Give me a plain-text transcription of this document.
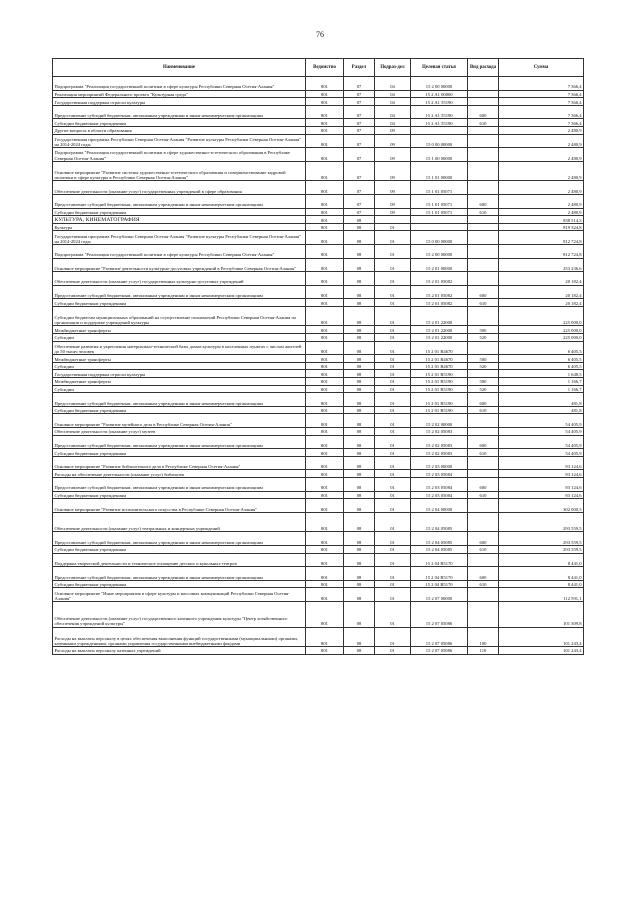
76
Наименование	Ведомство	Раздел	Подраз-дел	Целевая статья	Вид расхода	Сумма
Подпрограмма "Реализация государственной политики в сфере культуры Республики Северная Осетия-Алания"	801	07	04	15 2 00 00000		7 366,4
Реализация мероприятий Федерального проекта "Культурная среда"	801	07	04	15 2 A1 00000		7 366,4
Государственная поддержка отрасли культуры	801	07	04	15 2 A1 55190		7 366,4
Предоставление субсидий бюджетным, автономным учреждениям и иным некоммерческим организациям	801	07	04	15 2 A1 55190	600	7 366,4
Субсидии бюджетным учреждениям	801	07	04	15 2 A1 55190	610	7 366,4
Другие вопросы в области образования	801	07	09			2 480,9
Государственная программа Республики Северная Осетия-Алания "Развитие культуры Республики Северная Осетия-Алания" на 2014-2024 годы	801	07	09	15 0 00 00000		2 480,9
Подпрограмма "Реализация государственной политики в сфере художественно-эстетического образования в Республике Северная Осетия-Алания"	801	07	09	15 1 00 00000		2 480,9
Основное мероприятие "Развитие системы художественно-эстетического образования и совершенствование кадровой политики в сфере культуры в Республике Северная Осетия-Алания"	801	07	09	15 1 01 00000		2 480,9
Обеспечение деятельности (оказание услуг) государственных учреждений в сфере образования	801	07	09	15 1 01 05071		2 480,9
Предоставление субсидий бюджетным, автономным учреждениям и иным некоммерческим организациям	801	07	09	15 1 01 05071	600	2 480,9
Субсидии бюджетным учреждениям	801	07	09	15 1 01 05071	610	2 480,9
КУЛЬТУРА, КИНЕМАТОГРАФИЯ	801	08				838 514,3
Культура	801	08	01			819 324,8
Государственная программа Республики Северная Осетия-Алания "Развитие культуры Республики Северная Осетия-Алания" на 2014-2024 годы	801	08	01	15 0 00 00000		812 724,8
Подпрограмма "Реализация государственной политики в сфере культуры Республики Северная Осетия-Алания"	801	08	01	15 2 00 00000		812 724,8
Основное мероприятие "Развитие деятельности культурно-досуговых учреждений в Республике Северная Осетия-Алания"	801	08	01	15 2 01 00000		253 236,6
Обеспечение деятельности (оказание услуг) государственных культурно-досуговых учреждений	801	08	01	15 2 01 05082		20 182,4
Предоставление субсидий бюджетным, автономным учреждениям и иным некоммерческим организациям	801	08	01	15 2 01 05082	600	20 182,4
Субсидии бюджетным учреждениям	801	08	01	15 2 01 05082	610	20 182,4
Субсидии бюджетам муниципальных образований на осуществление полномочий Республики Северная Осетия-Алания по организации и поддержке учреждений культуры	801	08	01	15 2 01 22000		225 000,0
Межбюджетные трансферты	801	08	01	15 2 01 22000	500	225 000,0
Субсидии	801	08	01	15 2 01 22000	520	225 000,0
Обеспечение развития и укрепления материально-технической базы домов культуры в населенных пунктах с числом жителей до 50 тысяч человек	801	08	01	15 2 01 R4670		6 405,5
Межбюджетные трансферты	801	08	01	15 2 01 R4670	500	6 405,5
Субсидии	801	08	01	15 2 01 R4670	520	6 405,5
Государственная поддержка отрасли культуры	801	08	01	15 2 01 R5190		1 648,5
Межбюджетные трансферты	801	08	01	15 2 01 R5190	500	1 166,7
Субсидии	801	08	01	15 2 01 R5190	520	1 166,7
Предоставление субсидий бюджетным, автономным учреждениям и иным некоммерческим организациям	801	08	01	15 2 01 R5190	600	481,8
Субсидии бюджетным учреждениям	801	08	01	15 2 01 R5190	610	481,8
Основное мероприятие "Развитие музейного дела в Республике Северная Осетия-Алания"	801	08	01	15 2 02 00000		54 405,9
Обеспечение деятельности (оказание услуг) музеев	801	08	01	15 2 02 05083		54 405,9
Предоставление субсидий бюджетным, автономным учреждениям и иным некоммерческим организациям	801	08	01	15 2 02 05083	600	54 405,9
Субсидии бюджетным учреждениям	801	08	01	15 2 02 05083	610	54 405,9
Основное мероприятие "Развитие библиотечного дела в Республике Северная Осетия-Алания"	801	08	01	15 2 03 00000		83 124,6
Расходы на обеспечение деятельности (оказание услуг) библиотек	801	08	01	15 2 03 05084		83 124,6
Предоставление субсидий бюджетным, автономным учреждениям и иным некоммерческим организациям	801	08	01	15 2 03 05084	600	83 124,6
Субсидии бюджетным учреждениям	801	08	01	15 2 03 05084	610	83 124,6
Основное мероприятие "Развитие исполнительского искусства в Республике Северная Осетия-Алания"	801	08	01	15 2 04 00000		302 000,5
Обеспечение деятельности (оказание услуг) театральных и концертных учреждений	801	08	01	15 2 04 05085		293 559,5
Предоставление субсидий бюджетным, автономным учреждениям и иным некоммерческим организациям	801	08	01	15 2 04 05085	600	293 559,5
Субсидии бюджетным учреждениям	801	08	01	15 2 04 05085	610	293 559,5
Поддержка творческой деятельности и техническое оснащение детских и кукольных театров	801	08	01	15 2 04 R5170		8 441,0
Предоставление субсидий бюджетным, автономным учреждениям и иным некоммерческим организациям	801	08	01	15 2 04 R5170	600	8 441,0
Субсидии бюджетным учреждениям	801	08	01	15 2 04 R5170	610	8 441,0
Основное мероприятие "Иные мероприятия в сфере культуры и массовых коммуникаций Республики Северная Осетия-Алания"	801	08	01	15 2 07 00000		112 591,1
Обеспечение деятельности (оказание услуг) государственного казенного учреждения культуры "Центр хозяйственного обеспечения учреждений культуры"	801	08	01	15 2 07 05086		101 309,8
Расходы на выплаты персоналу в целях обеспечения выполнения функций государственными (муниципальными) органами, казенными учреждениями, органами управления государственными внебюджетными фондами	801	08	01	15 2 07 05086	100	101 243,4
Расходы на выплаты персоналу казенных учреждений	801	08	01	15 2 07 05086	110	101 243,4
